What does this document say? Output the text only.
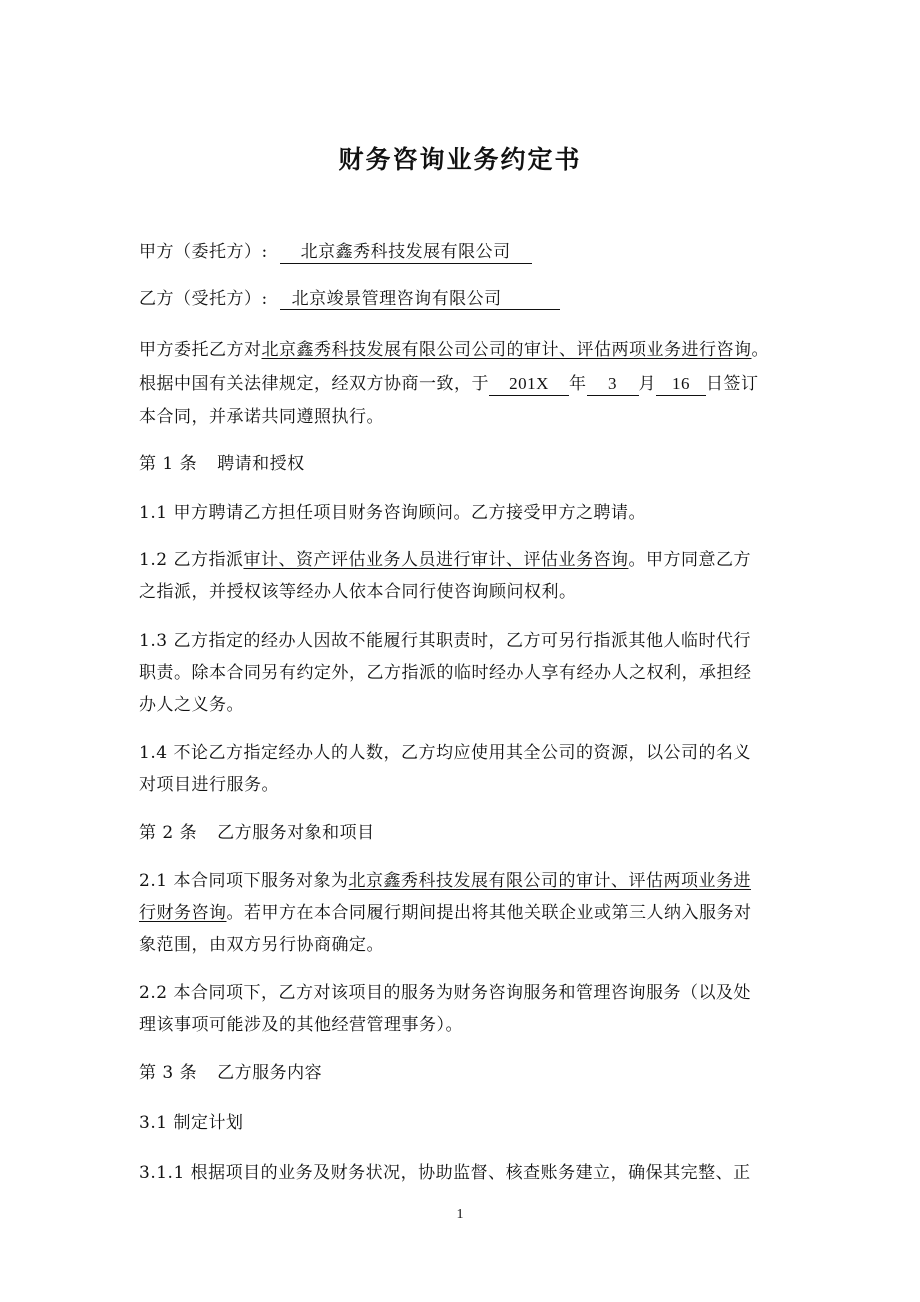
财务咨询业务约定书
甲方（委托方）: 北京鑫秀科技发展有限公司
乙方（受托方）: 北京竣景管理咨询有限公司
甲方委托乙方对北京鑫秀科技发展有限公司公司的审计、评估两项业务进行咨询。
根据中国有关法律规定，经双方协商一致，于 201X 年 3 月 16 日签订
本合同，并承诺共同遵照执行。
第 1 条 聘请和授权
1.1 甲方聘请乙方担任项目财务咨询顾问。乙方接受甲方之聘请。
1.2 乙方指派审计、资产评估业务人员进行审计、评估业务咨询。甲方同意乙方
之指派，并授权该等经办人依本合同行使咨询顾问权利。
1.3 乙方指定的经办人因故不能履行其职责时，乙方可另行指派其他人临时代行
职责。除本合同另有约定外，乙方指派的临时经办人享有经办人之权利，承担经
办人之义务。
1.4 不论乙方指定经办人的人数，乙方均应使用其全公司的资源，以公司的名义
对项目进行服务。
第 2 条 乙方服务对象和项目
2.1 本合同项下服务对象为北京鑫秀科技发展有限公司的审计、评估两项业务进
行财务咨询。若甲方在本合同履行期间提出将其他关联企业或第三人纳入服务对
象范围，由双方另行协商确定。
2.2 本合同项下，乙方对该项目的服务为财务咨询服务和管理咨询服务（以及处
理该事项可能涉及的其他经营管理事务）。
第 3 条 乙方服务内容
3.1 制定计划
3.1.1 根据项目的业务及财务状况，协助监督、核查账务建立，确保其完整、正
1
